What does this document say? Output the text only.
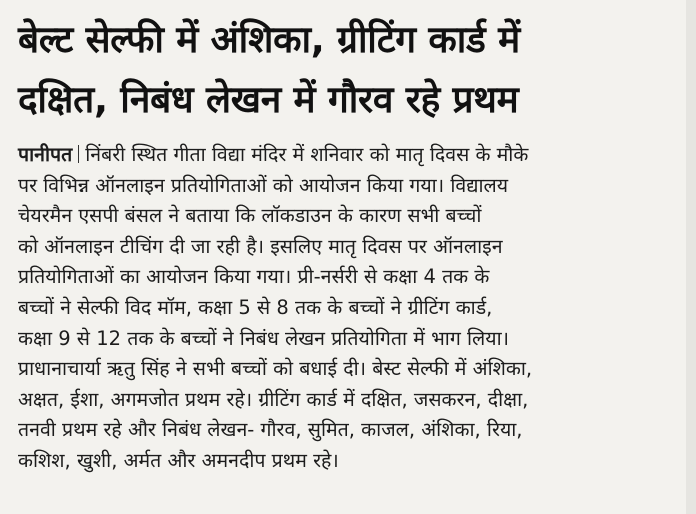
बेल्ट सेल्फी में अंशिका, ग्रीटिंग कार्ड में
दक्षित, निबंध लेखन में गौरव रहे प्रथम
पानीपत निंबरी स्थित गीता विद्या मंदिर में शनिवार को मातृ दिवस के मौके
पर विभिन्न ऑनलाइन प्रतियोगिताओं को आयोजन किया गया। विद्यालय
चेयरमैन एसपी बंसल ने बताया कि लॉकडाउन के कारण सभी बच्चों
को ऑनलाइन टीचिंग दी जा रही है। इसलिए मातृ दिवस पर ऑनलाइन
प्रतियोगिताओं का आयोजन किया गया। प्री-नर्सरी से कक्षा 4 तक के
बच्चों ने सेल्फी विद मॉम, कक्षा 5 से 8 तक के बच्चों ने ग्रीटिंग कार्ड,
कक्षा 9 से 12 तक के बच्चों ने निबंध लेखन प्रतियोगिता में भाग लिया।
प्राधानाचार्या ऋतु सिंह ने सभी बच्चों को बधाई दी। बेस्ट सेल्फी में अंशिका,
अक्षत, ईशा, अगमजोत प्रथम रहे। ग्रीटिंग कार्ड में दक्षित, जसकरन, दीक्षा,
तनवी प्रथम रहे और निबंध लेखन- गौरव, सुमित, काजल, अंशिका, रिया,
कशिश, खुशी, अर्मत और अमनदीप प्रथम रहे।
